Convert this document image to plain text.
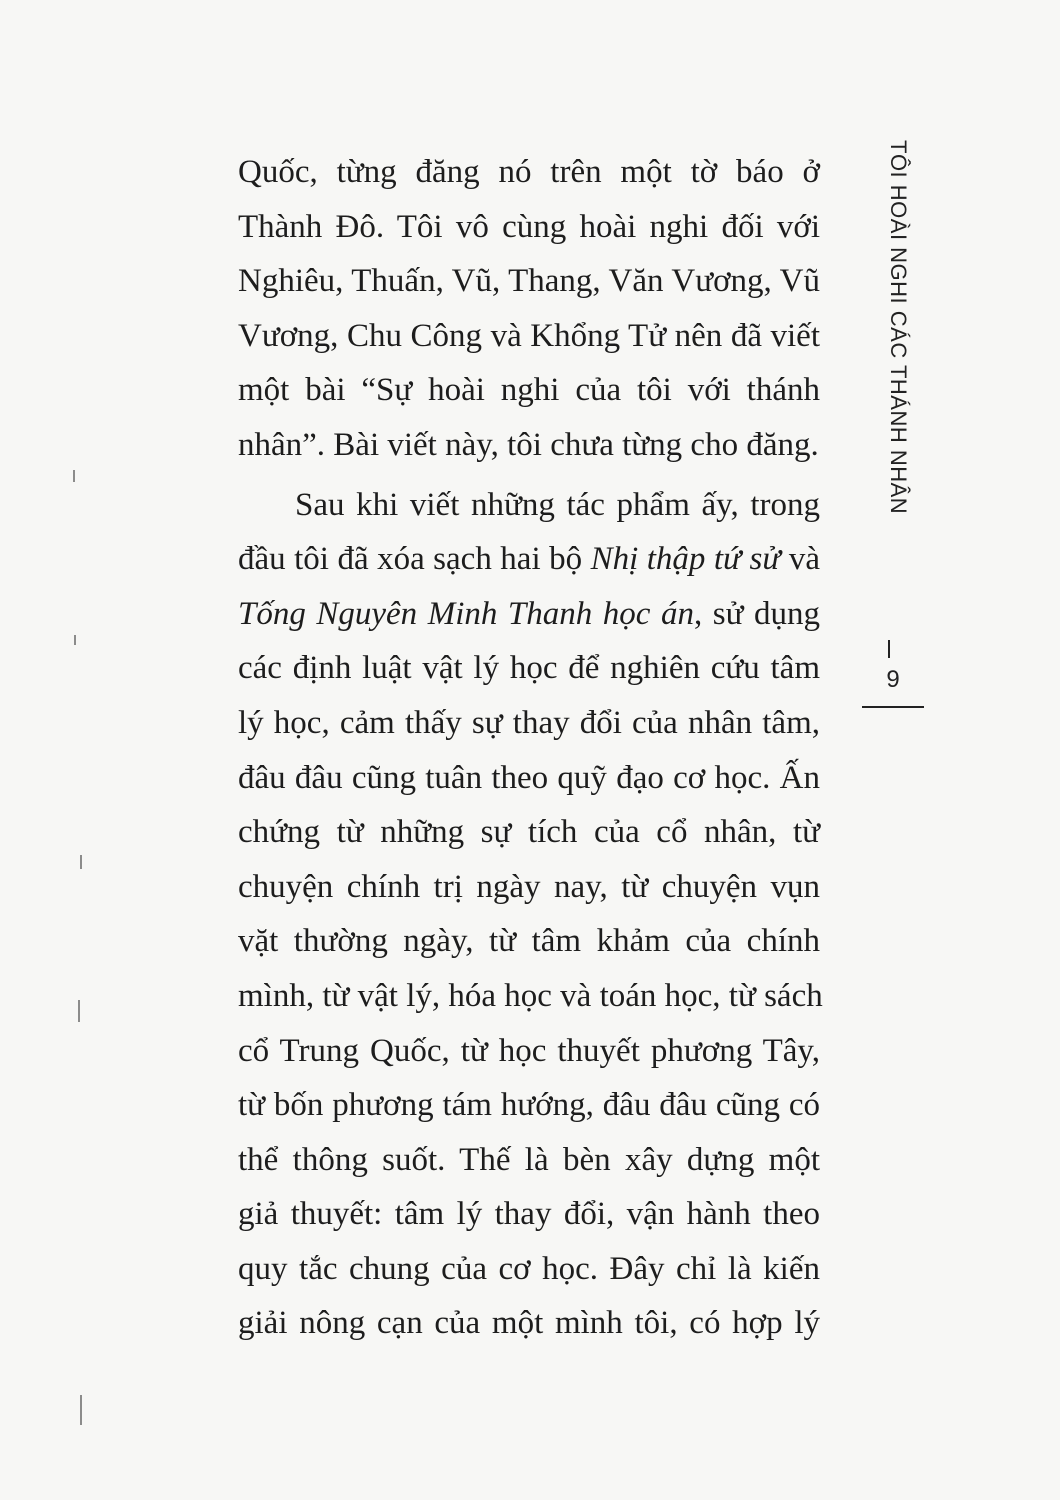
Quốc, từng đăng nó trên một tờ báo ở
Thành Đô. Tôi vô cùng hoài nghi đối với
Nghiêu, Thuấn, Vũ, Thang, Văn Vương, Vũ
Vương, Chu Công và Khổng Tử nên đã viết
một bài “Sự hoài nghi của tôi với thánh
nhân”. Bài viết này, tôi chưa từng cho đăng.
Sau khi viết những tác phẩm ấy, trong
đầu tôi đã xóa sạch hai bộ Nhị thập tứ sử và
Tống Nguyên Minh Thanh học án, sử dụng
các định luật vật lý học để nghiên cứu tâm
lý học, cảm thấy sự thay đổi của nhân tâm,
đâu đâu cũng tuân theo quỹ đạo cơ học. Ấn
chứng từ những sự tích của cổ nhân, từ
chuyện chính trị ngày nay, từ chuyện vụn
vặt thường ngày, từ tâm khảm của chính
mình, từ vật lý, hóa học và toán học, từ sách
cổ Trung Quốc, từ học thuyết phương Tây,
từ bốn phương tám hướng, đâu đâu cũng có
thể thông suốt. Thế là bèn xây dựng một
giả thuyết: tâm lý thay đổi, vận hành theo
quy tắc chung của cơ học. Đây chỉ là kiến
giải nông cạn của một mình tôi, có hợp lý
TÔI HOÀI NGHI CÁC THÁNH NHÂN
9
